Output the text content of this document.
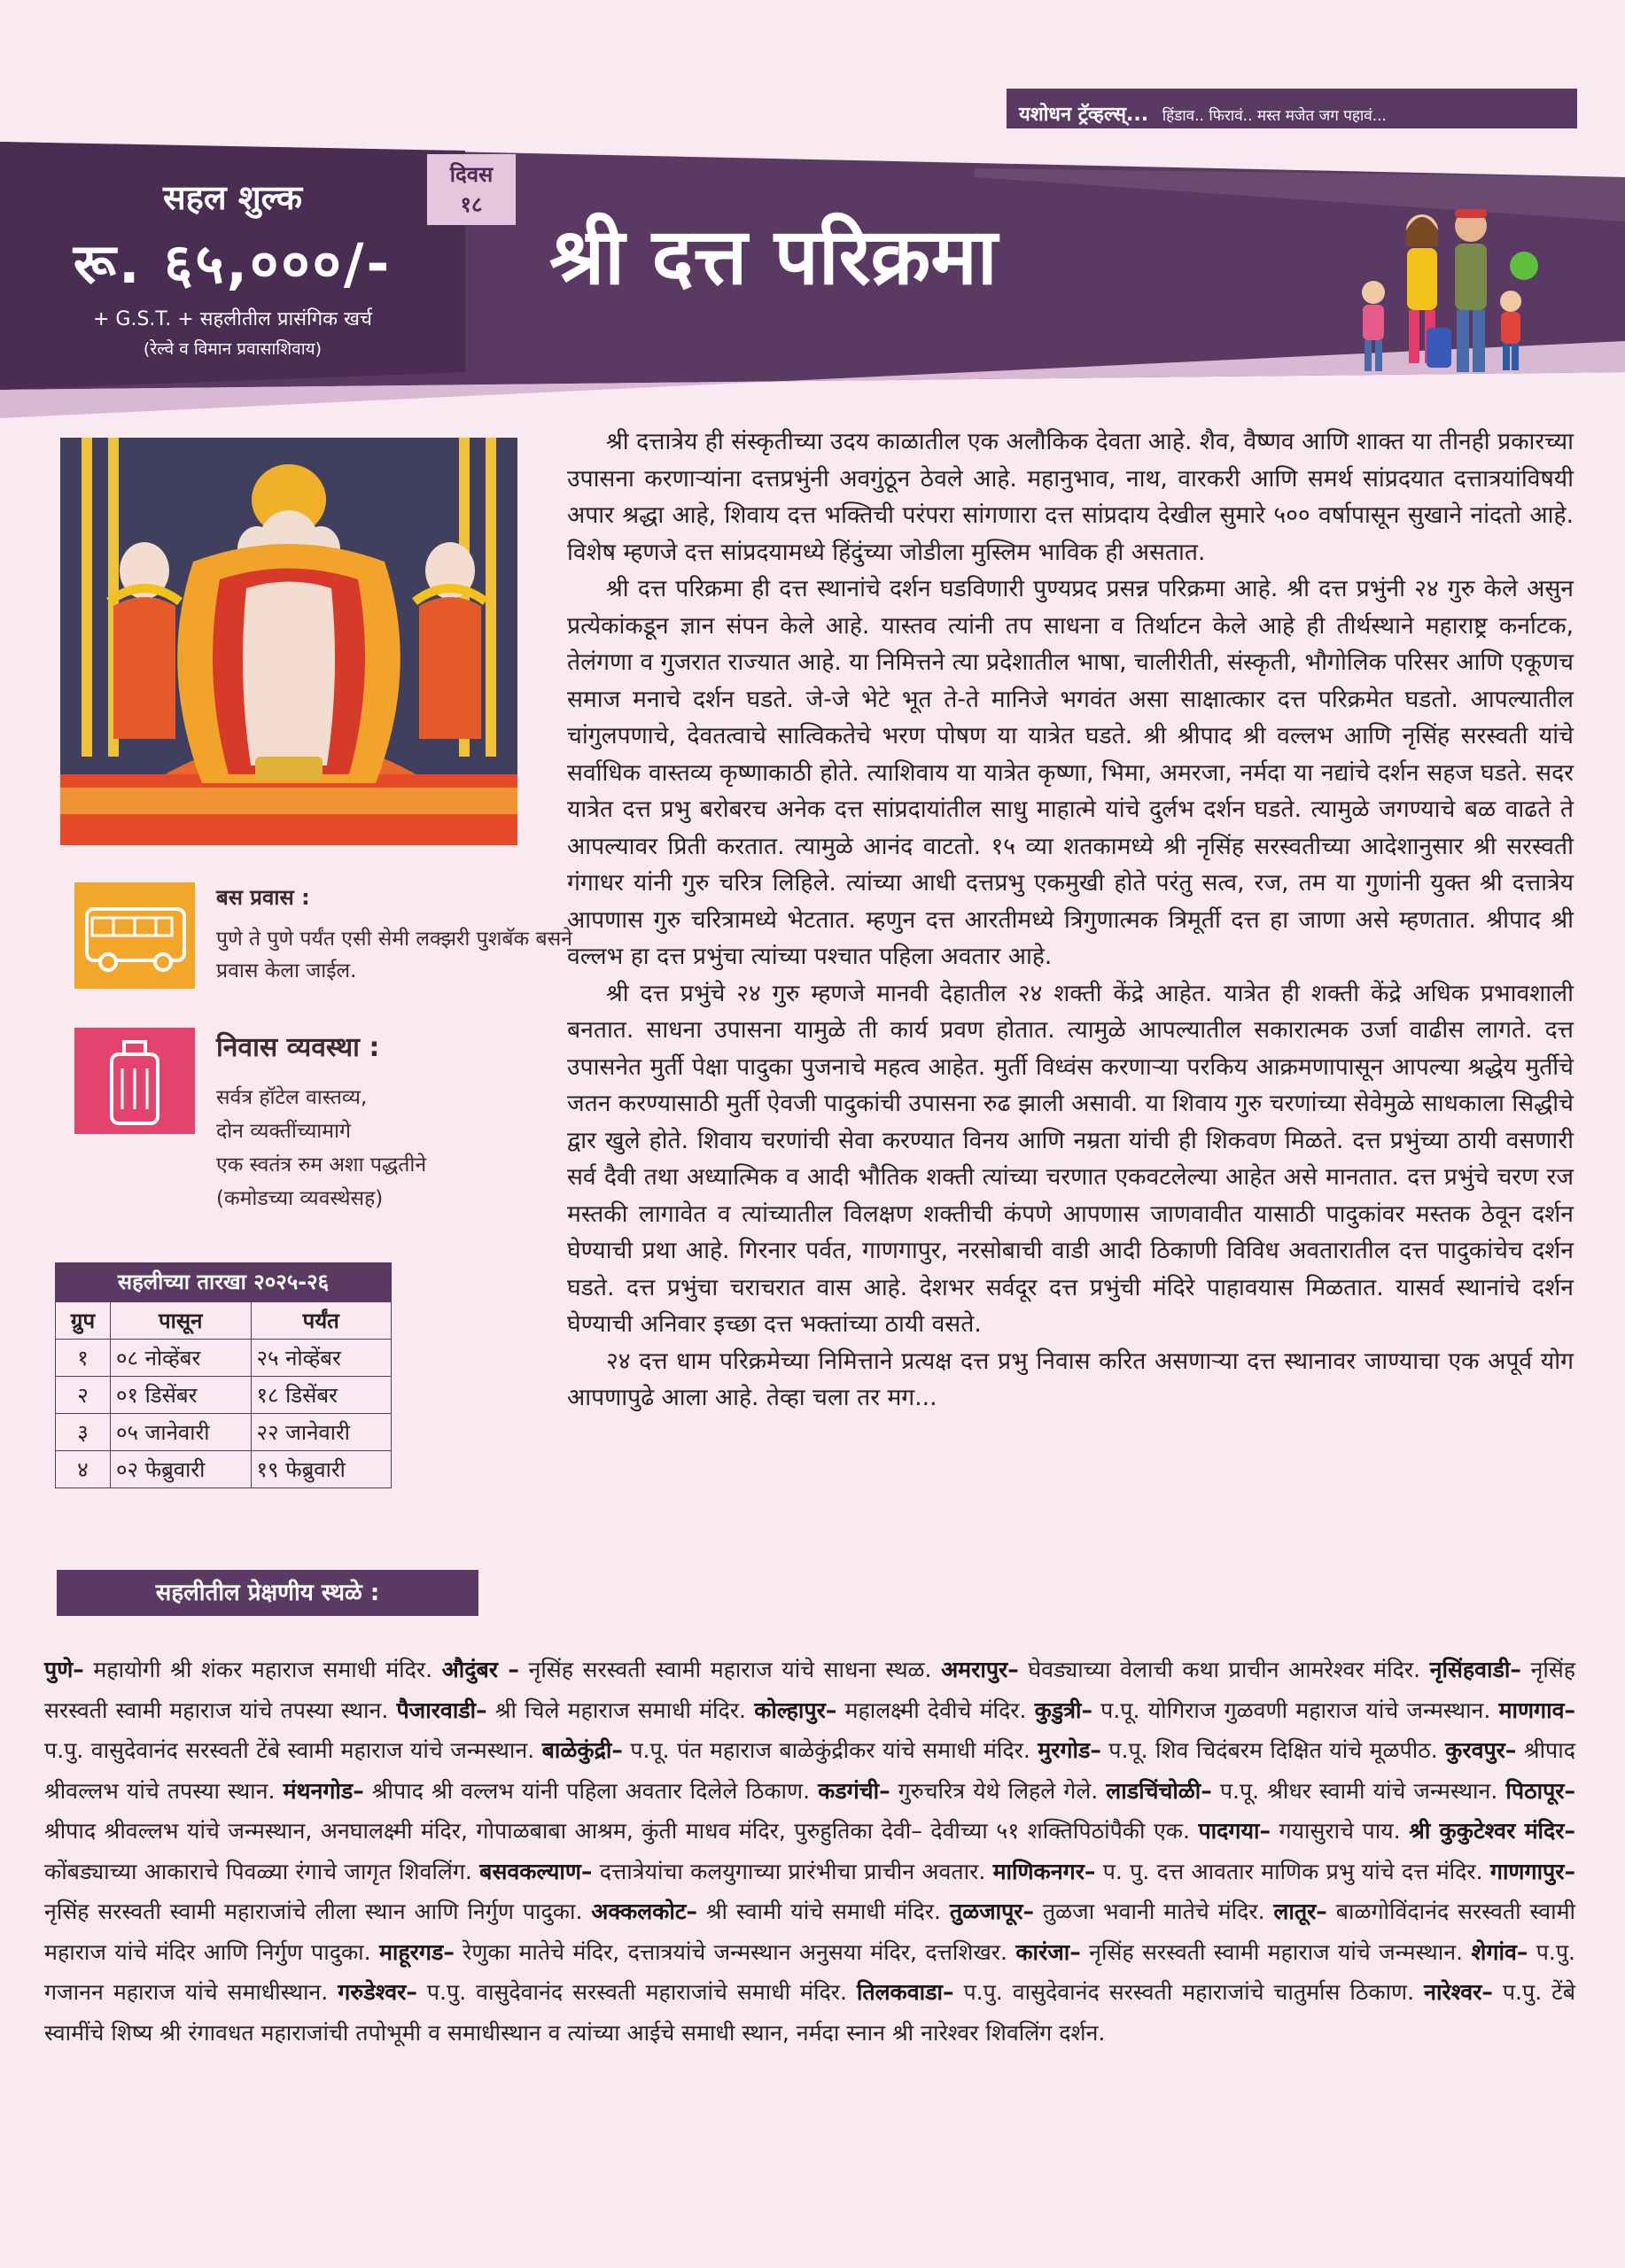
यशोधन ट्रॅव्हल्स्... हिंडाव.. फिरावं.. मस्त मजेत जग पहावं...
सहल शुल्क
रू. ६५,०००/-
+ G.S.T. + सहलीतील प्रासंगिक खर्च
(रेल्वे व विमान प्रवासाशिवाय)
दिवस
१८
श्री दत्त परिक्रमा

श्री दत्तात्रेय ही संस्कृतीच्या उदय काळातील एक अलौकिक देवता आहे. शैव, वैष्णव आणि शाक्त या तीनही प्रकारच्या उपासना करणाऱ्यांना दत्तप्रभुंनी अवगुंठून ठेवले आहे. महानुभाव, नाथ, वारकरी आणि समर्थ सांप्रदयात दत्तात्रयांविषयी अपार श्रद्धा आहे, शिवाय दत्त भक्तिची परंपरा सांगणारा दत्त सांप्रदाय देखील सुमारे ५०० वर्षापासून सुखाने नांदतो आहे. विशेष म्हणजे दत्त सांप्रदयामध्ये हिंदुंच्या जोडीला मुस्लिम भाविक ही असतात.

श्री दत्त परिक्रमा ही दत्त स्थानांचे दर्शन घडविणारी पुण्यप्रद प्रसन्न परिक्रमा आहे. श्री दत्त प्रभुंनी २४ गुरु केले असुन प्रत्येकांकडून ज्ञान संपन केले आहे. यास्तव त्यांनी तप साधना व तिर्थाटन केले आहे ही तीर्थस्थाने महाराष्ट्र कर्नाटक, तेलंगणा व गुजरात राज्यात आहे. या निमित्तने त्या प्रदेशातील भाषा, चालीरीती, संस्कृती, भौगोलिक परिसर आणि एकूणच समाज मनाचे दर्शन घडते. जे-जे भेटे भूत ते-ते मानिजे भगवंत असा साक्षात्कार दत्त परिक्रमेत घडतो. आपल्यातील चांगुलपणाचे, देवतत्वाचे सात्विकतेचे भरण पोषण या यात्रेत घडते. श्री श्रीपाद श्री वल्लभ आणि नृसिंह सरस्वती यांचे सर्वाधिक वास्तव्य कृष्णाकाठी होते. त्याशिवाय या यात्रेत कृष्णा, भिमा, अमरजा, नर्मदा या नद्यांचे दर्शन सहज घडते. सदर यात्रेत दत्त प्रभु बरोबरच अनेक दत्त सांप्रदायांतील साधु माहात्मे यांचे दुर्लभ दर्शन घडते. त्यामुळे जगण्याचे बळ वाढते ते आपल्यावर प्रिती करतात. त्यामुळे आनंद वाटतो. १५ व्या शतकामध्ये श्री नृसिंह सरस्वतीच्या आदेशानुसार श्री सरस्वती गंगाधर यांनी गुरु चरित्र लिहिले. त्यांच्या आधी दत्तप्रभु एकमुखी होते परंतु सत्व, रज, तम या गुणांनी युक्त श्री दत्तात्रेय आपणास गुरु चरित्रामध्ये भेटतात. म्हणुन दत्त आरतीमध्ये त्रिगुणात्मक त्रिमूर्ती दत्त हा जाणा असे म्हणतात. श्रीपाद श्री वल्लभ हा दत्त प्रभुंचा त्यांच्या पश्चात पहिला अवतार आहे.

श्री दत्त प्रभुंचे २४ गुरु म्हणजे मानवी देहातील २४ शक्ती केंद्रे आहेत. यात्रेत ही शक्ती केंद्रे अधिक प्रभावशाली बनतात. साधना उपासना यामुळे ती कार्य प्रवण होतात. त्यामुळे आपल्यातील सकारात्मक उर्जा वाढीस लागते. दत्त उपासनेत मुर्ती पेक्षा पादुका पुजनाचे महत्व आहेत. मुर्ती विध्वंस करणाऱ्या परकिय आक्रमणापासून आपल्या श्रद्धेय मुर्तीचे जतन करण्यासाठी मुर्ती ऐवजी पादुकांची उपासना रुढ झाली असावी. या शिवाय गुरु चरणांच्या सेवेमुळे साधकाला सिद्धीचे द्वार खुले होते. शिवाय चरणांची सेवा करण्यात विनय आणि नम्रता यांची ही शिकवण मिळते. दत्त प्रभुंच्या ठायी वसणारी सर्व दैवी तथा अध्यात्मिक व आदी भौतिक शक्ती त्यांच्या चरणात एकवटलेल्या आहेत असे मानतात. दत्त प्रभुंचे चरण रज मस्तकी लागावेत व त्यांच्यातील विलक्षण शक्तीची कंपणे आपणास जाणवावीत यासाठी पादुकांवर मस्तक ठेवून दर्शन घेण्याची प्रथा आहे. गिरनार पर्वत, गाणगापुर, नरसोबाची वाडी आदी ठिकाणी विविध अवतारातील दत्त पादुकांचेच दर्शन घडते. दत्त प्रभुंचा चराचरात वास आहे. देशभर सर्वदूर दत्त प्रभुंची मंदिरे पाहावयास मिळतात. यासर्व स्थानांचे दर्शन घेण्याची अनिवार इच्छा दत्त भक्तांच्या ठायी वसते.

२४ दत्त धाम परिक्रमेच्या निमित्ताने प्रत्यक्ष दत्त प्रभु निवास करित असणाऱ्या दत्त स्थानावर जाण्याचा एक अपूर्व योग आपणापुढे आला आहे. तेव्हा चला तर मग...

बस प्रवास :
पुणे ते पुणे पर्यंत एसी सेमी लक्झरी पुशबॅक बसने प्रवास केला जाईल.
निवास व्यवस्था :
सर्वत्र हॉटेल वास्तव्य,
दोन व्यक्तींच्यामागे
एक स्वतंत्र रुम अशा पद्धतीने
(कमोडच्या व्यवस्थेसह)
सहलीच्या तारखा २०२५-२६
ग्रुप	पासून	पर्यंत
१	०८ नोव्हेंबर	२५ नोव्हेंबर
२	०१ डिसेंबर	१८ डिसेंबर
३	०५ जानेवारी	२२ जानेवारी
४	०२ फेब्रुवारी	१९ फेब्रुवारी
सहलीतील प्रेक्षणीय स्थळे :
पुणे– महायोगी श्री शंकर महाराज समाधी मंदिर. औदुंबर – नृसिंह सरस्वती स्वामी महाराज यांचे साधना स्थळ. अमरापुर– घेवड्याच्या वेलाची कथा प्राचीन आमरेश्वर मंदिर. नृसिंहवाडी– नृसिंह सरस्वती स्वामी महाराज यांचे तपस्या स्थान. पैजारवाडी– श्री चिले महाराज समाधी मंदिर. कोल्हापुर– महालक्ष्मी देवीचे मंदिर. कुडुत्री– प.पू. योगिराज गुळवणी महाराज यांचे जन्मस्थान. माणगाव– प.पु. वासुदेवानंद सरस्वती टेंबे स्वामी महाराज यांचे जन्मस्थान. बाळेकुंद्री– प.पू. पंत महाराज बाळेकुंद्रीकर यांचे समाधी मंदिर. मुरगोड– प.पू. शिव चिदंबरम दिक्षित यांचे मूळपीठ. कुरवपुर– श्रीपाद श्रीवल्लभ यांचे तपस्या स्थान. मंथनगोड– श्रीपाद श्री वल्लभ यांनी पहिला अवतार दिलेले ठिकाण. कडगंची– गुरुचरित्र येथे लिहले गेले. लाडचिंचोळी– प.पू. श्रीधर स्वामी यांचे जन्मस्थान. पिठापूर– श्रीपाद श्रीवल्लभ यांचे जन्मस्थान, अनघालक्ष्मी मंदिर, गोपाळबाबा आश्रम, कुंती माधव मंदिर, पुरुहुतिका देवी– देवीच्या ५१ शक्तिपिठांपैकी एक. पादगया– गयासुराचे पाय. श्री कुकुटेश्वर मंदिर– कोंबड्याच्या आकाराचे पिवळ्या रंगाचे जागृत शिवलिंग. बसवकल्याण– दत्तात्रेयांचा कलयुगाच्या प्रारंभीचा प्राचीन अवतार. माणिकनगर– प. पु. दत्त आवतार माणिक प्रभु यांचे दत्त मंदिर. गाणगापुर– नृसिंह सरस्वती स्वामी महाराजांचे लीला स्थान आणि निर्गुण पादुका. अक्कलकोट– श्री स्वामी यांचे समाधी मंदिर. तुळजापूर– तुळजा भवानी मातेचे मंदिर. लातूर– बाळगोविंदानंद सरस्वती स्वामी महाराज यांचे मंदिर आणि निर्गुण पादुका. माहूरगड– रेणुका मातेचे मंदिर, दत्तात्रयांचे जन्मस्थान अनुसया मंदिर, दत्तशिखर. कारंजा– नृसिंह सरस्वती स्वामी महाराज यांचे जन्मस्थान. शेगांव– प.पु. गजानन महाराज यांचे समाधीस्थान. गरुडेश्वर– प.पु. वासुदेवानंद सरस्वती महाराजांचे समाधी मंदिर. तिलकवाडा– प.पु. वासुदेवानंद सरस्वती महाराजांचे चातुर्मास ठिकाण. नारेश्वर– प.पु. टेंबे स्वामींचे शिष्य श्री रंगावधत महाराजांची तपोभूमी व समाधीस्थान व त्यांच्या आईचे समाधी स्थान, नर्मदा स्नान श्री नारेश्वर शिवलिंग दर्शन.
